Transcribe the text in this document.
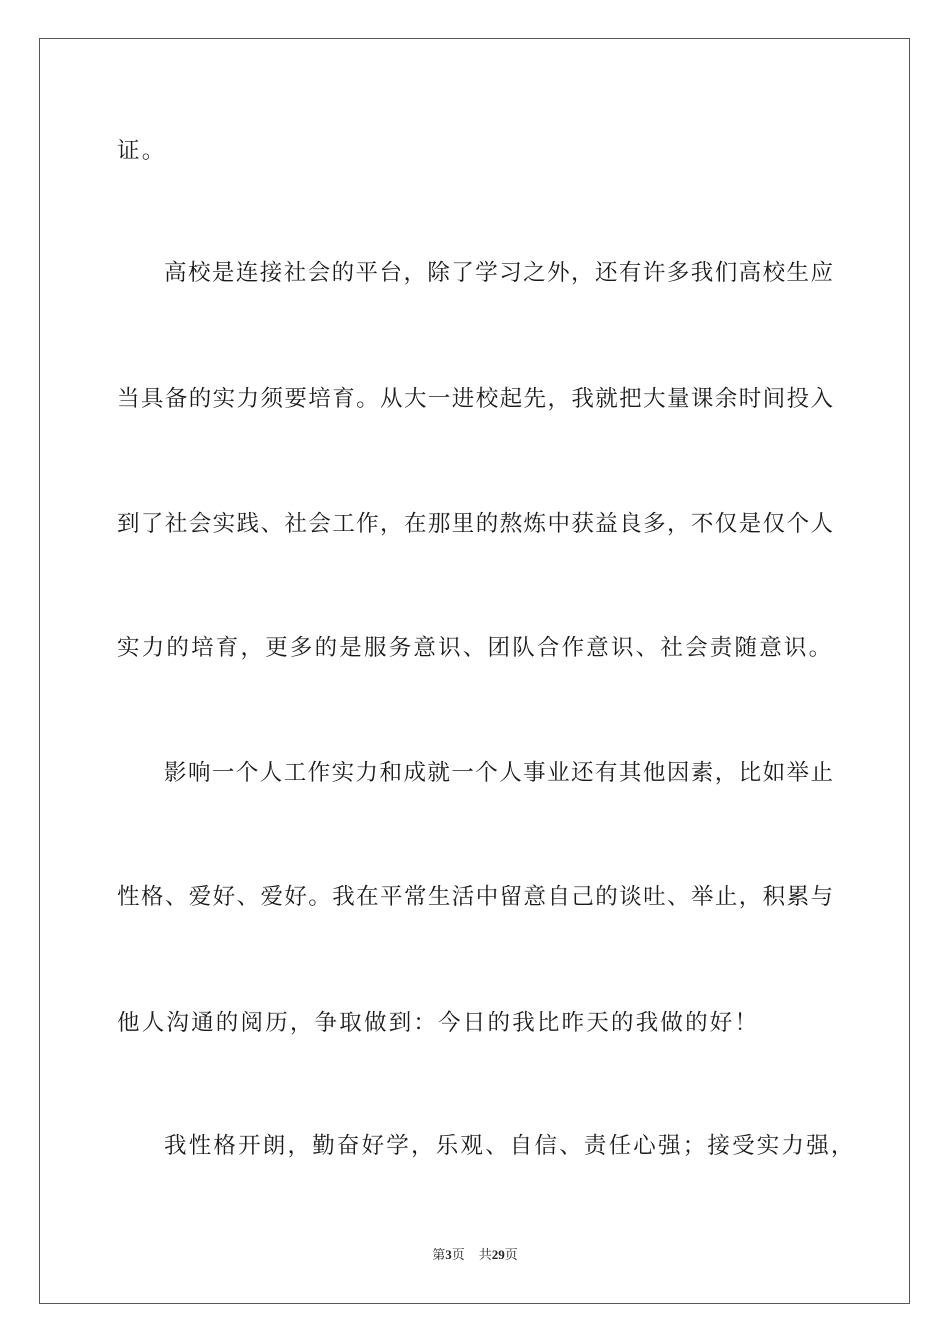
证。
高校是连接社会的平台，除了学习之外，还有许多我们高校生应
当具备的实力须要培育。从大一进校起先，我就把大量课余时间投入
到了社会实践、社会工作，在那里的熬炼中获益良多，不仅是仅个人
实力的培育，更多的是服务意识、团队合作意识、社会责随意识。
影响一个人工作实力和成就一个人事业还有其他因素，比如举止
性格、爱好、爱好。我在平常生活中留意自己的谈吐、举止，积累与
他人沟通的阅历，争取做到：今日的我比昨天的我做的好！
我性格开朗，勤奋好学，乐观、自信、责任心强；接受实力强，
第3页 共29页
